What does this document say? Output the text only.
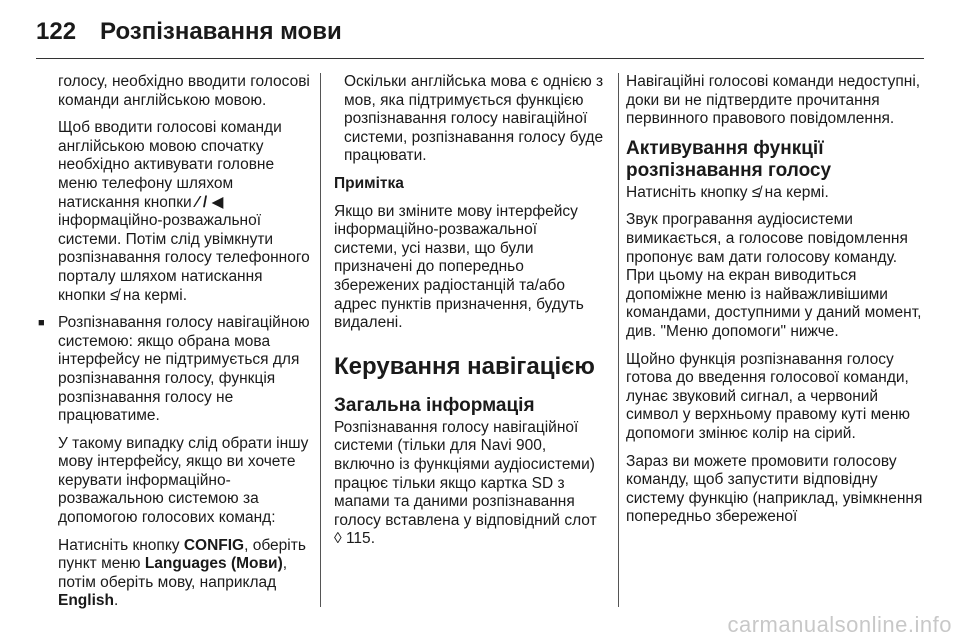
122 Розпізнавання мови

голосу, необхідно вводити голосові команди англійською мовою.

Щоб вводити голосові команди англійською мовою спочатку необхідно активувати головне меню телефону шляхом натискання кнопки ⁄ / ◀ інформаційно-розважальної системи. Потім слід увімкнути розпізнавання голосу телефонного порталу шляхом натискання кнопки ≰ на кермі.

■ Розпізнавання голосу навігаційною системою: якщо обрана мова інтерфейсу не підтримується для розпізнавання голосу, функція розпізнавання голосу не працюватиме.

У такому випадку слід обрати іншу мову інтерфейсу, якщо ви хочете керувати інформаційно-розважальною системою за допомогою голосових команд:

Натисніть кнопку CONFIG, оберіть пункт меню Languages (Мови), потім оберіть мову, наприклад English.

Оскільки англійська мова є однією з мов, яка підтримується функцією розпізнавання голосу навігаційної системи, розпізнавання голосу буде працювати.

Примітка

Якщо ви зміните мову інтерфейсу інформаційно-розважальної системи, усі назви, що були призначені до попередньо збережених радіостанцій та/або адрес пунктів призначення, будуть видалені.

Керування навігацією

Загальна інформація

Розпізнавання голосу навігаційної системи (тільки для Navi 900, включно із функціями аудіосистеми) працює тільки якщо картка SD з мапами та даними розпізнавання голосу вставлена у відповідний слот ◊ 115.

Навігаційні голосові команди недоступні, доки ви не підтвердите прочитання первинного правового повідомлення.

Активування функції розпізнавання голосу

Натисніть кнопку ≰ на кермі.

Звук програвання аудіосистеми вимикається, а голосове повідомлення пропонує вам дати голосову команду. При цьому на екран виводиться допоміжне меню із найважливішими командами, доступними у даний момент, див. "Меню допомоги" нижче.

Щойно функція розпізнавання голосу готова до введення голосової команди, лунає звуковий сигнал, а червоний символ у верхньому правому куті меню допомоги змінює колір на сірий.

Зараз ви можете промовити голосову команду, щоб запустити відповідну систему функцію (наприклад, увімкнення попередньо збереженої

carmanualsonline.info
